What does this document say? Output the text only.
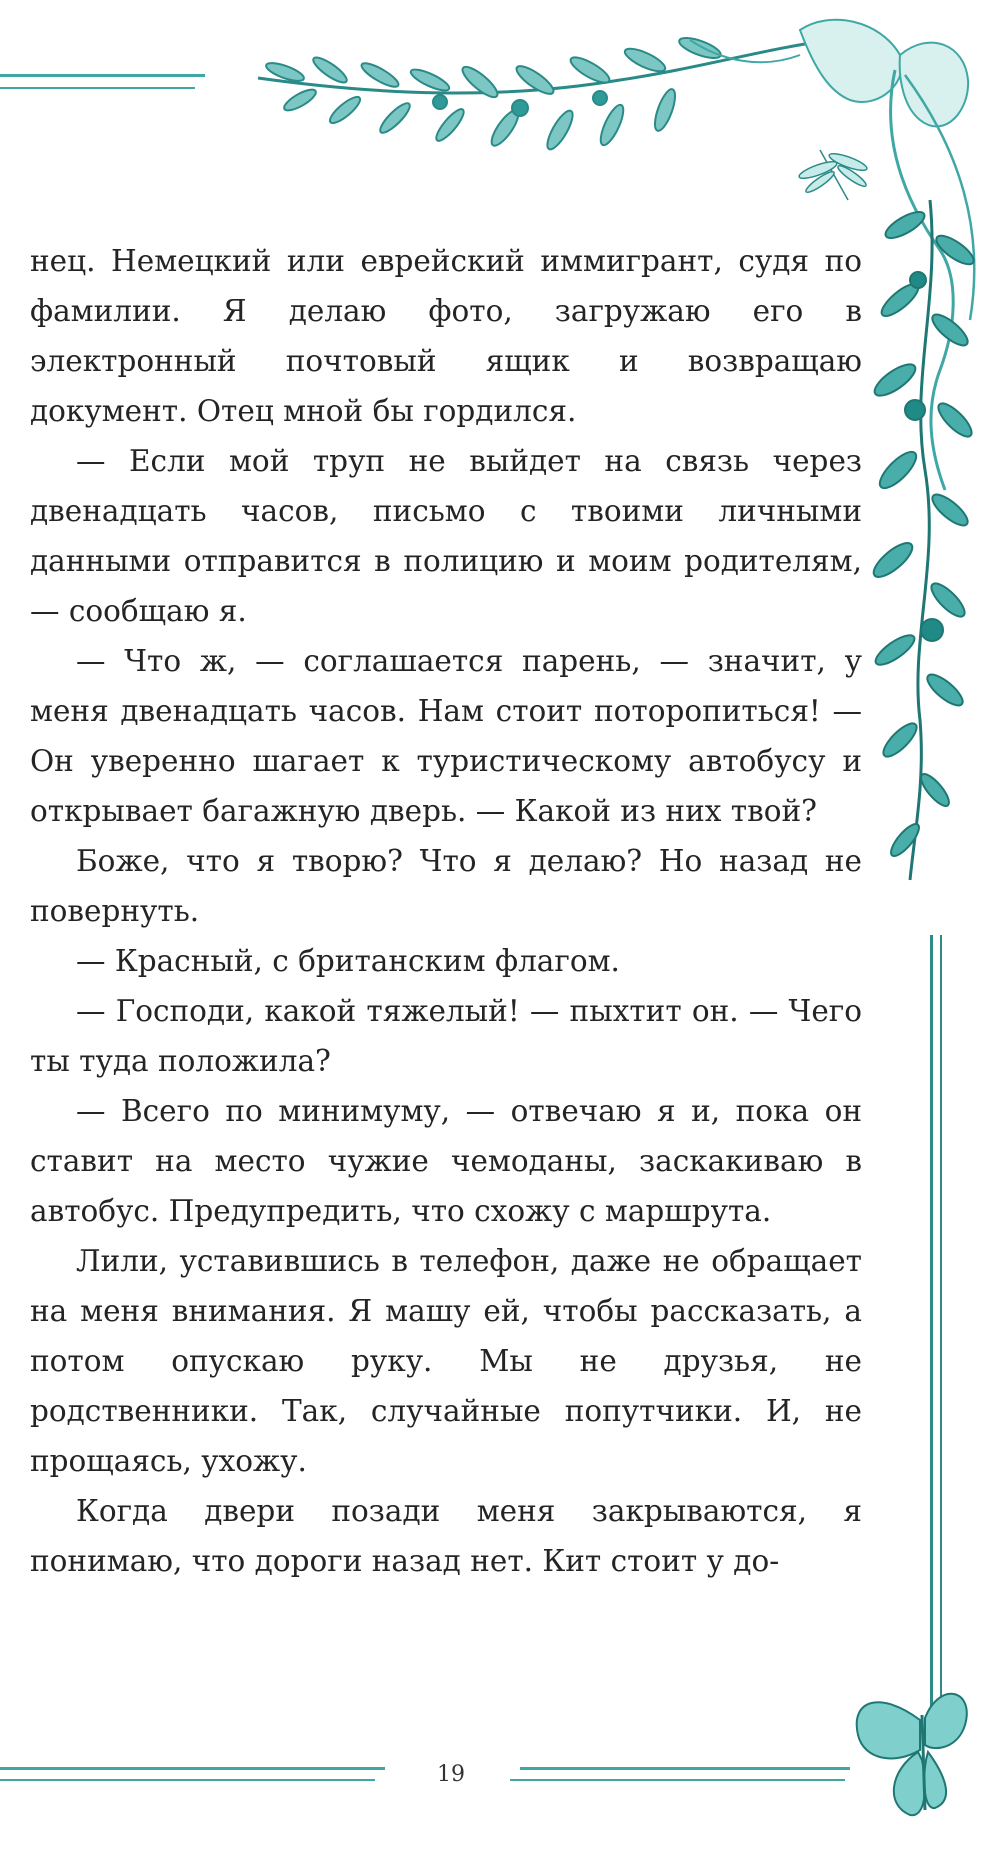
нец. Немецкий или еврейский иммигрант, судя по фамилии. Я делаю фото, загружаю его в электронный почтовый ящик и возвращаю документ. Отец мной бы гордился.

— Если мой труп не выйдет на связь через двенадцать часов, письмо с твоими личными данными отправится в полицию и моим родителям, — сообщаю я.

— Что ж, — соглашается парень, — значит, у меня двенадцать часов. Нам стоит поторопиться! — Он уверенно шагает к туристическому автобусу и открывает багажную дверь. — Какой из них твой?

Боже, что я творю? Что я делаю? Но назад не повернуть.

— Красный, с британским флагом.

— Господи, какой тяжелый! — пыхтит он. — Чего ты туда положила?

— Всего по минимуму, — отвечаю я и, пока он ставит на место чужие чемоданы, заскакиваю в автобус. Предупредить, что схожу с маршрута.

Лили, уставившись в телефон, даже не обращает на меня внимания. Я машу ей, чтобы рассказать, а потом опускаю руку. Мы не друзья, не родственники. Так, случайные попутчики. И, не прощаясь, ухожу.

Когда двери позади меня закрываются, я понимаю, что дороги назад нет. Кит стоит у до-

19
